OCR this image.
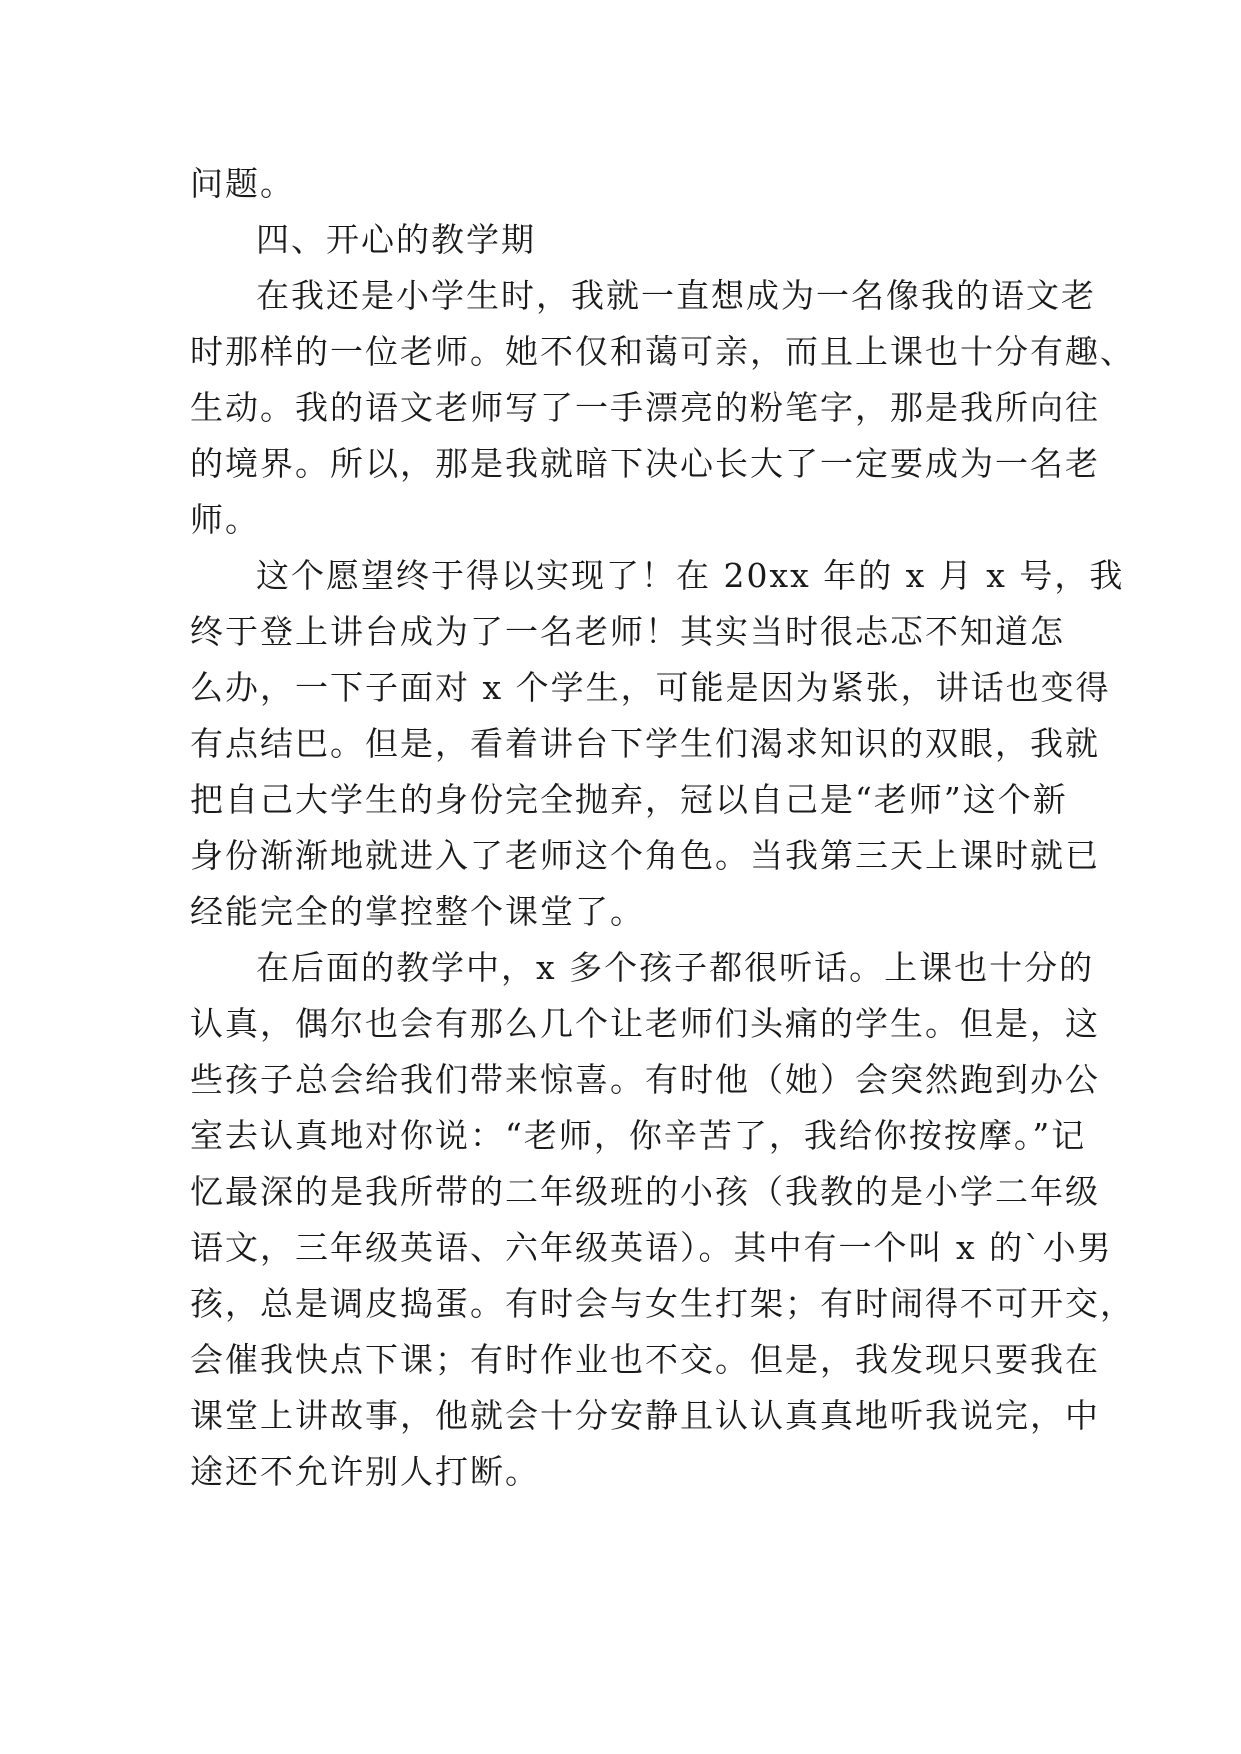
问题。
四、开心的教学期
在我还是小学生时，我就一直想成为一名像我的语文老
时那样的一位老师。她不仅和蔼可亲，而且上课也十分有趣、
生动。我的语文老师写了一手漂亮的粉笔字，那是我所向往
的境界。所以，那是我就暗下决心长大了一定要成为一名老
师。
这个愿望终于得以实现了！在 20xx 年的 x 月 x 号，我
终于登上讲台成为了一名老师！其实当时很忐忑不知道怎
么办，一下子面对 x 个学生，可能是因为紧张，讲话也变得
有点结巴。但是，看着讲台下学生们渴求知识的双眼，我就
把自己大学生的身份完全抛弃，冠以自己是“老师”这个新
身份渐渐地就进入了老师这个角色。当我第三天上课时就已
经能完全的掌控整个课堂了。
在后面的教学中，x 多个孩子都很听话。上课也十分的
认真，偶尔也会有那么几个让老师们头痛的学生。但是，这
些孩子总会给我们带来惊喜。有时他（她）会突然跑到办公
室去认真地对你说：“老师，你辛苦了，我给你按按摩。”记
忆最深的是我所带的二年级班的小孩（我教的是小学二年级
语文，三年级英语、六年级英语）。其中有一个叫 x 的`小男
孩，总是调皮捣蛋。有时会与女生打架；有时闹得不可开交，
会催我快点下课；有时作业也不交。但是，我发现只要我在
课堂上讲故事，他就会十分安静且认认真真地听我说完，中
途还不允许别人打断。
